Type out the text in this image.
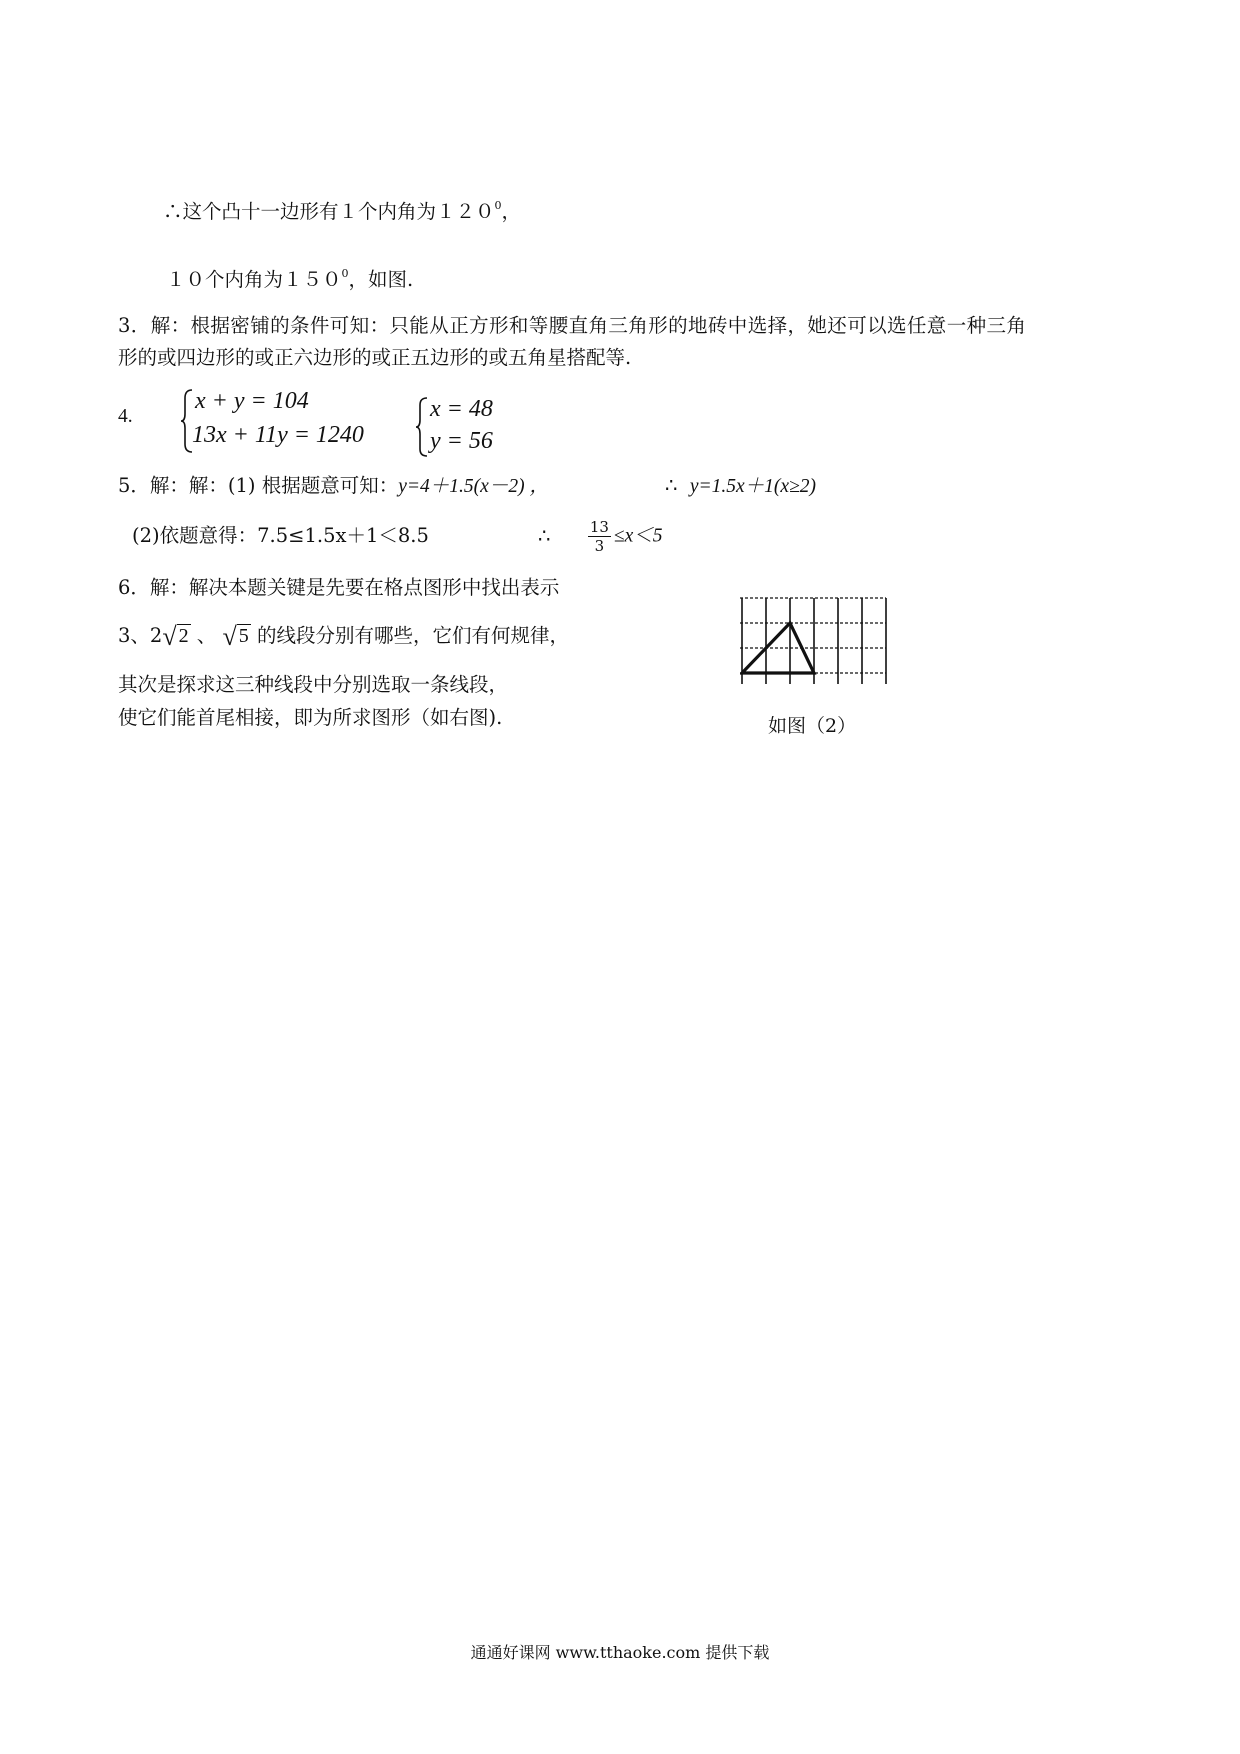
∴这个凸十一边形有１个内角为$120^0$，
１０个内角为$150^0$，如图.
3．解：根据密铺的条件可知：只能从正方形和等腰直角三角形的地砖中选择，她还可以选任意一种三角
形的或四边形的或正六边形的或正五边形的或五角星搭配等.
4.
x + y = 104
13x + 11y = 1240
x = 48
y = 56
5．解：解：(1) 根据题意可知：y=4＋1.5(x－2) ，	∴ y=1.5x＋1(x≥2)
(2)依题意得：7.5≤1.5x＋1＜8.5	∴ $\frac{13}{3} \le x<5$
6．解：解决本题关键是先要在格点图形中找出表示
3、2√ 2 、 √ 5 的线段分别有哪些，它们有何规律，
其次是探求这三种线段中分别选取一条线段，
使它们能首尾相接，即为所求图形（如右图).	如图（2）
通通好课网 www.tthaoke.com 提供下载
